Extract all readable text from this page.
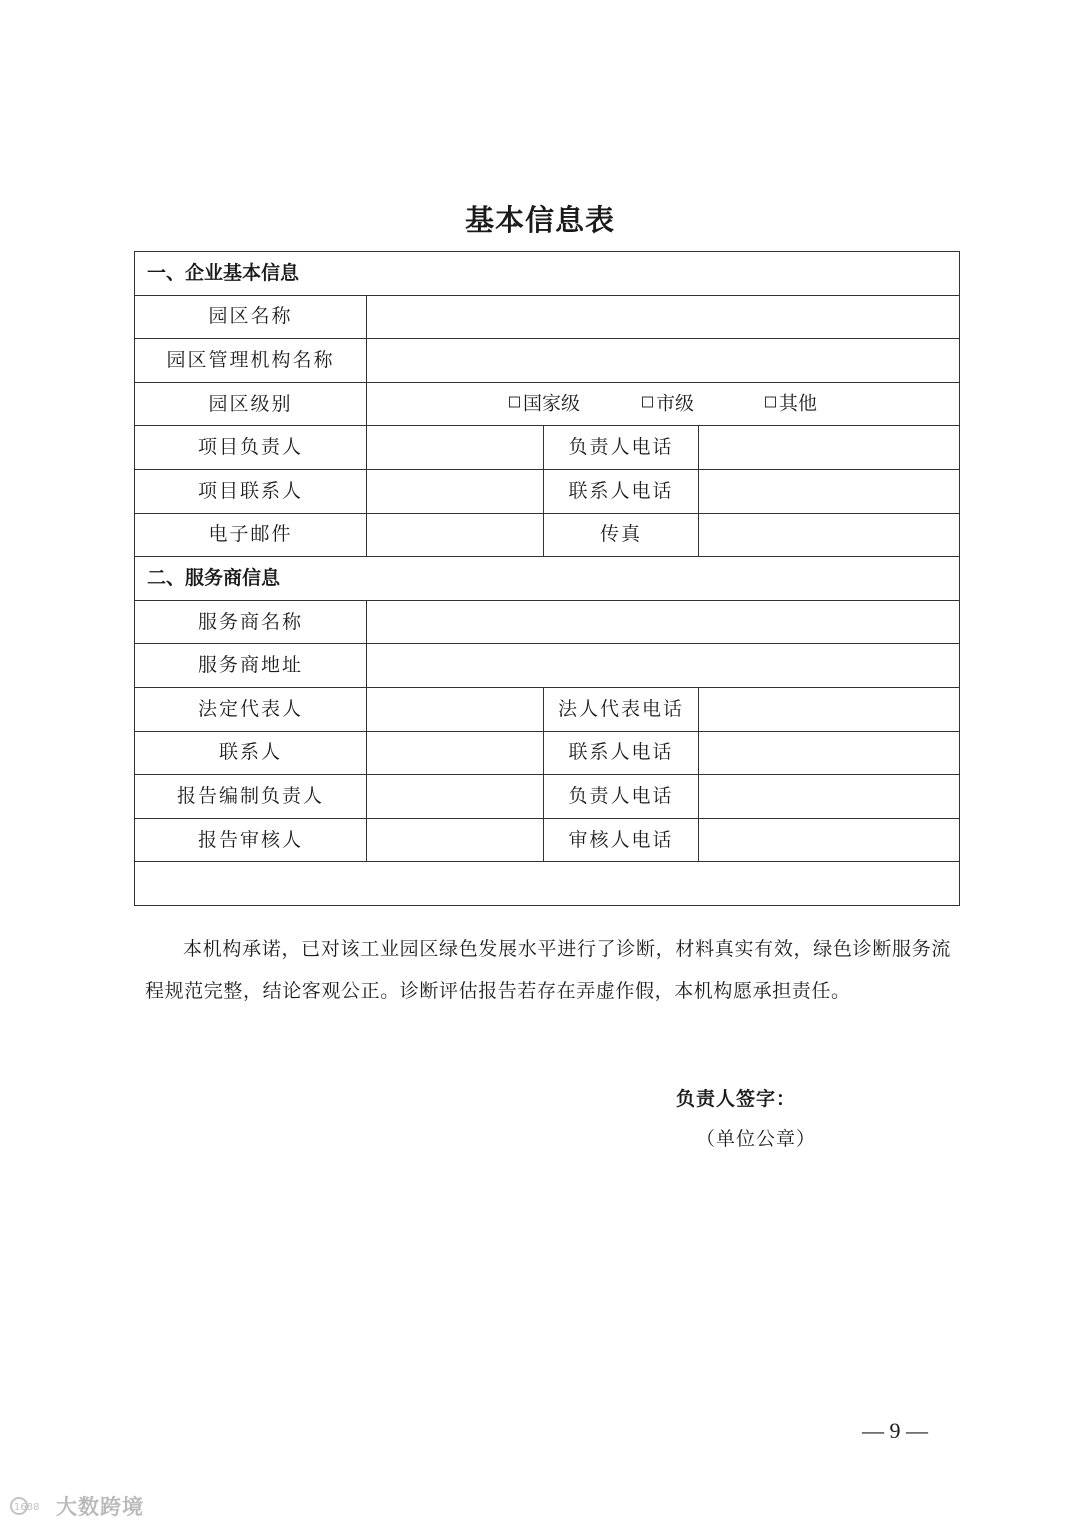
基本信息表
一、企业基本信息			
园区名称			
园区管理机构名称			
园区级别	国家级 市级 其他		

项目负责人		负责人电话	
项目联系人		联系人电话	
电子邮件		传真	
二、服务商信息			
服务商名称			
服务商地址			
法定代表人		法人代表电话	
联系人		联系人电话	
报告编制负责人		负责人电话	
报告审核人		审核人电话	

本机构承诺，已对该工业园区绿色发展水平进行了诊断，材料真实有效，绿色诊断服务流程规范完整，结论客观公正。诊断评估报告若存在弄虚作假，本机构愿承担责任。
负责人签字：
（单位公章）			
— 9 —
1688 大数跨境
